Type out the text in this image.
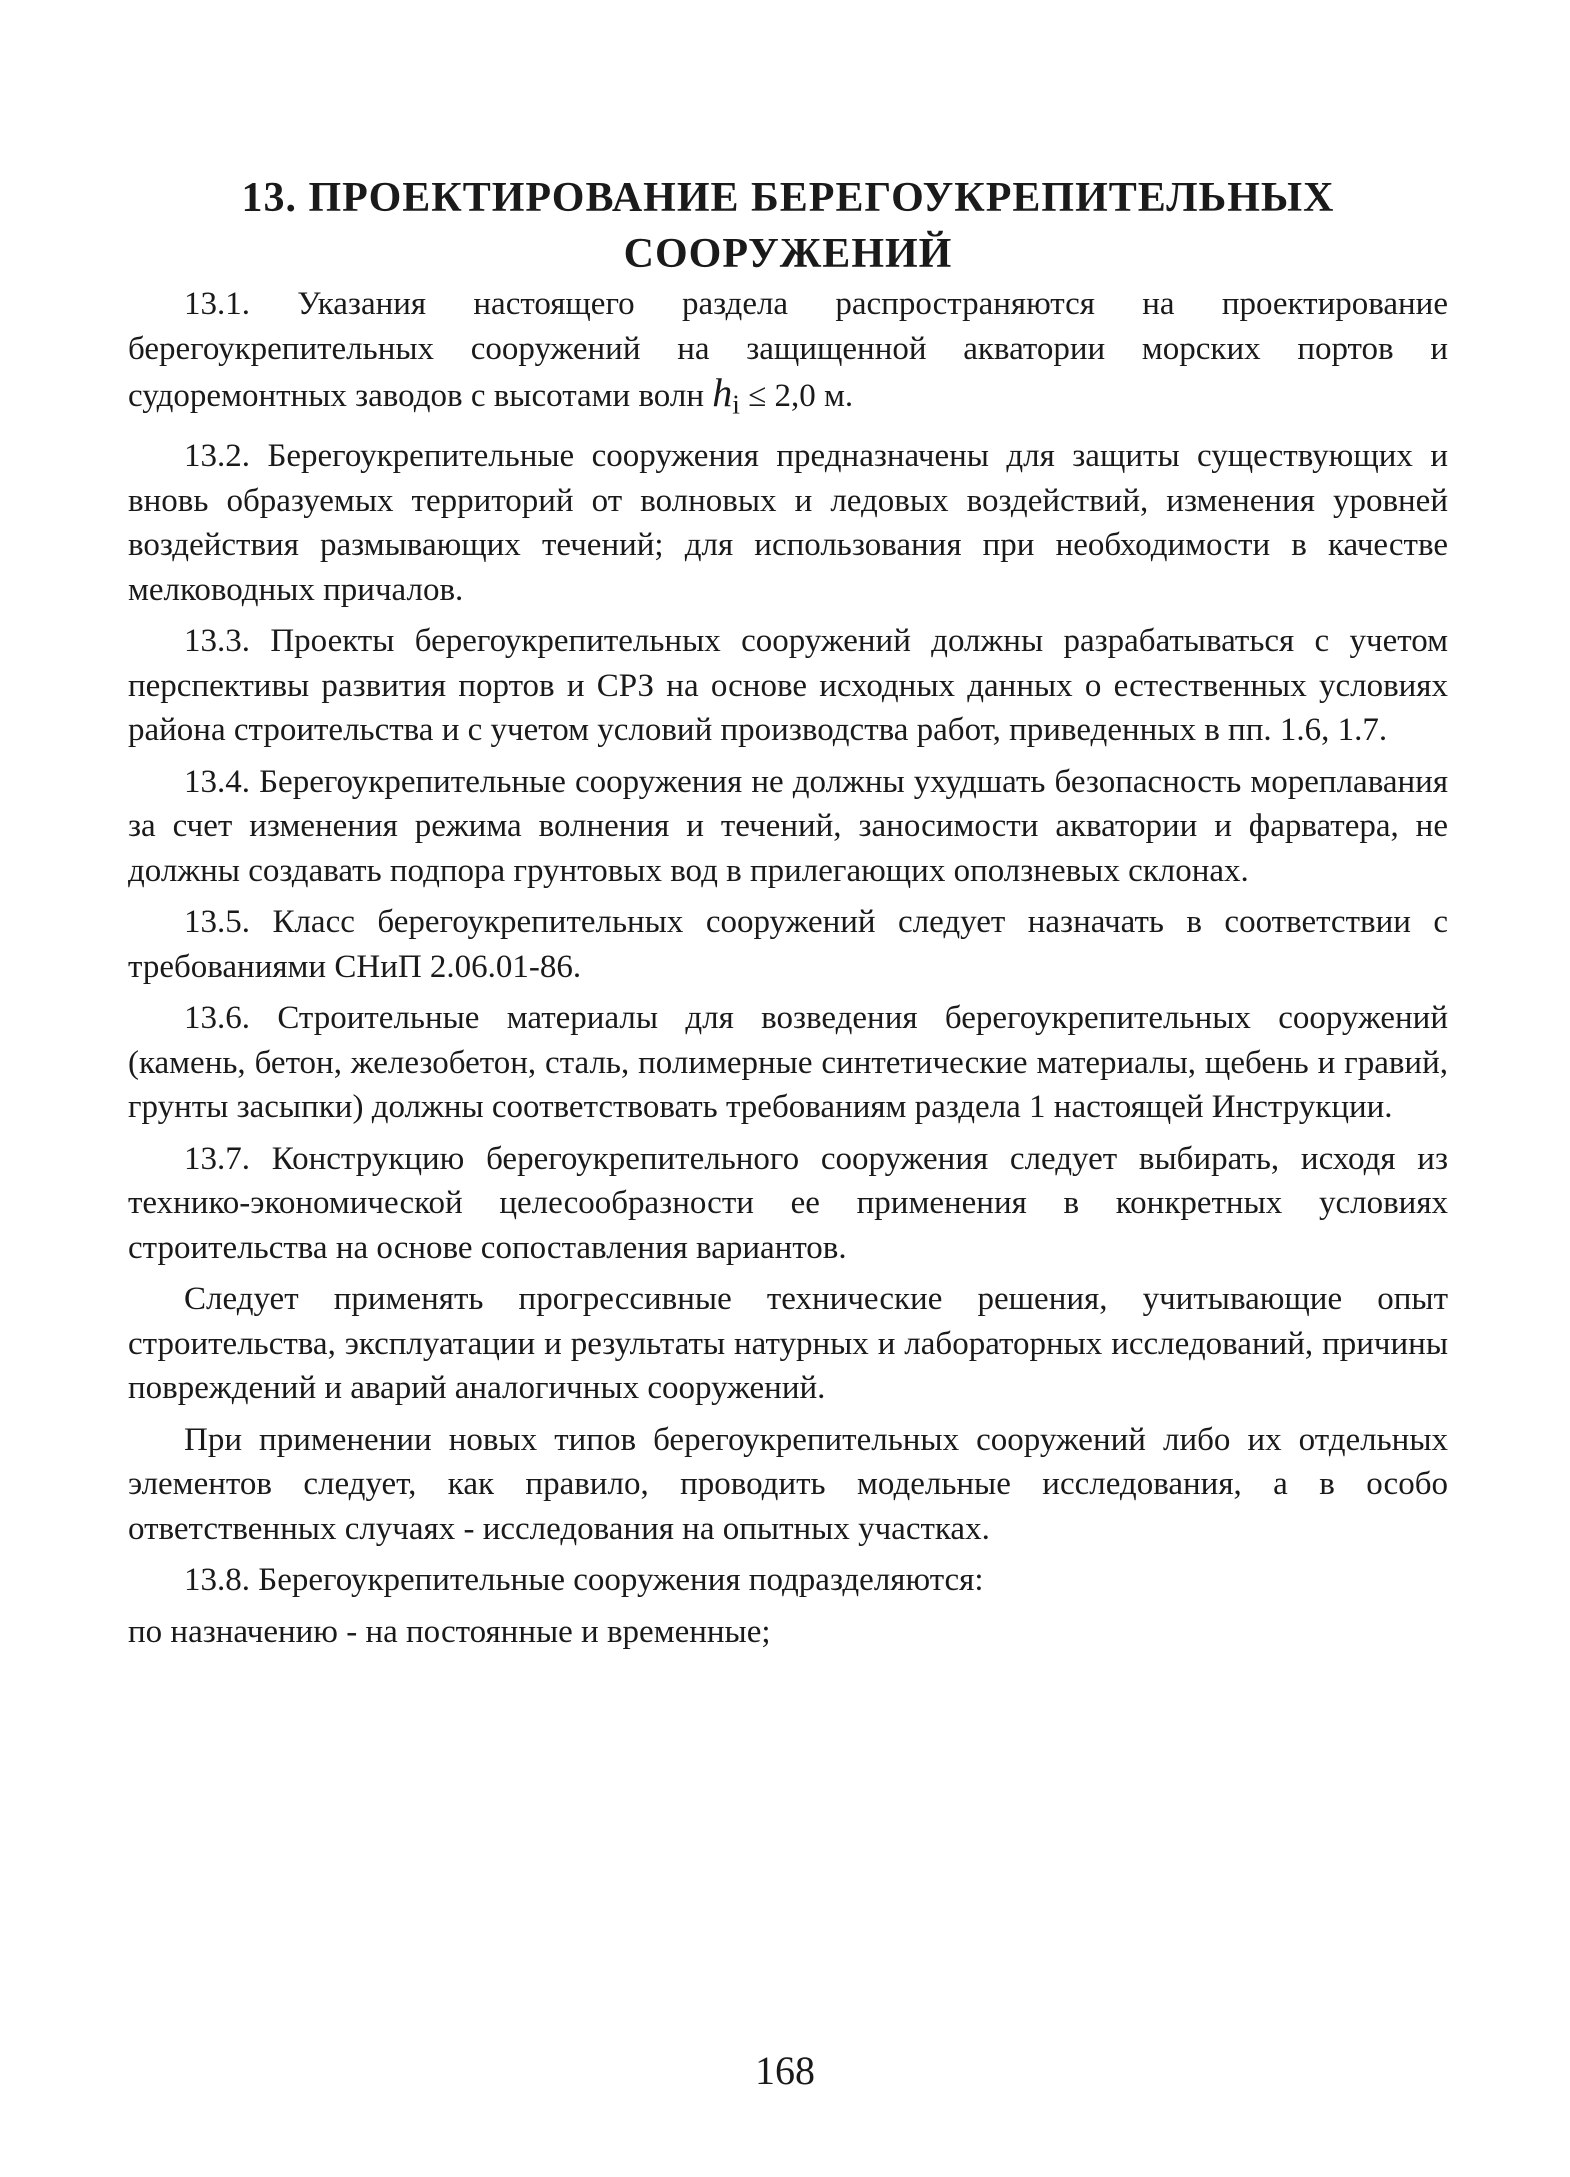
13. ПРОЕКТИРОВАНИЕ БЕРЕГОУКРЕПИТЕЛЬНЫХ
СООРУЖЕНИЙ

13.1. Указания настоящего раздела распространяются на проектирование берегоукрепительных сооружений на защищенной акватории морских портов и судоремонтных заводов с высотами волн $h_i \le 2,0$ м.

13.2. Берегоукрепительные сооружения предназначены для защиты существующих и вновь образуемых территорий от волновых и ледовых воздействий, изменения уровней воздействия размывающих течений; для использования при необходимости в качестве мелководных причалов.

13.3. Проекты берегоукрепительных сооружений должны разрабатываться с учетом перспективы развития портов и СРЗ на основе исходных данных о естественных условиях района строительства и с учетом условий производства работ, приведенных в пп. 1.6, 1.7.

13.4. Берегоукрепительные сооружения не должны ухудшать безопасность мореплавания за счет изменения режима волнения и течений, заносимости акватории и фарватера, не должны создавать подпора грунтовых вод в прилегающих оползневых склонах.

13.5. Класс берегоукрепительных сооружений следует назначать в соответствии с требованиями СНиП 2.06.01-86.

13.6. Строительные материалы для возведения берегоукрепительных сооружений (камень, бетон, железобетон, сталь, полимерные синтетические материалы, щебень и гравий, грунты засыпки) должны соответствовать требованиям раздела 1 настоящей Инструкции.

13.7. Конструкцию берегоукрепительного сооружения следует выбирать, исходя из технико-экономической целесообразности ее применения в конкретных условиях строительства на основе сопоставления вариантов.

Следует применять прогрессивные технические решения, учитывающие опыт строительства, эксплуатации и результаты натурных и лабораторных исследований, причины повреждений и аварий аналогичных сооружений.

При применении новых типов берегоукрепительных сооружений либо их отдельных элементов следует, как правило, проводить модельные исследования, а в особо ответственных случаях - исследования на опытных участках.

13.8. Берегоукрепительные сооружения подразделяются:

по назначению - на постоянные и временные;

168
